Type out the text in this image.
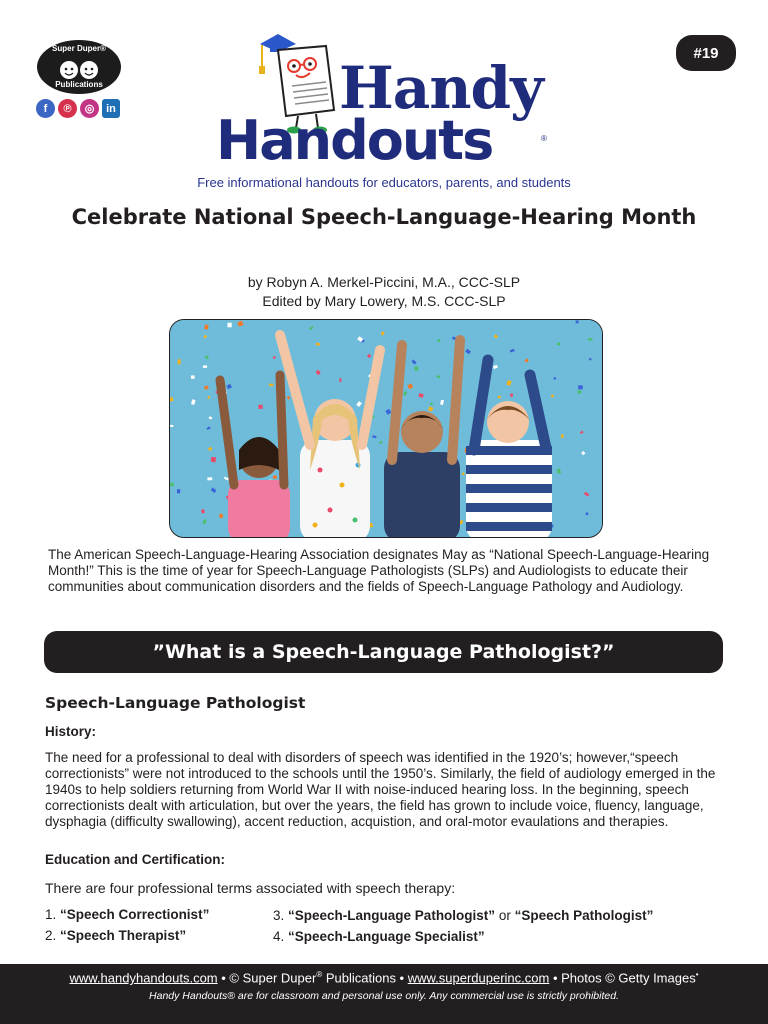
Super Duper®
Publications
f	℗	◎	in
#19
Handy
Handouts	®
Free informational handouts for educators, parents, and students
Celebrate National Speech-Language-Hearing Month
by Robyn A. Merkel-Piccini, M.A., CCC-SLP
Edited by Mary Lowery, M.S. CCC-SLP
The American Speech-Language-Hearing Association designates May as “National Speech-Language-Hearing Month!” This is the time of year for Speech-Language Pathologists (SLPs) and Audiologists to educate their communities about communication disorders and the fields of Speech-Language Pathology and Audiology.
”What is a Speech-Language Pathologist?”
Speech-Language Pathologist
History:
The need for a professional to deal with disorders of speech was identified in the 1920’s; however,“speech correctionists” were not introduced to the schools until the 1950’s. Similarly, the field of audiology emerged in the 1940s to help soldiers returning from World War II with noise-induced hearing loss. In the beginning, speech correctionists dealt with articulation, but over the years, the field has grown to include voice, fluency, language, dysphagia (difficulty swallowing), accent reduction, acquistion, and oral-motor evaulations and therapies.
Education and Certification:
There are four professional terms associated with speech therapy:
1. “Speech Correctionist”
2. “Speech Therapist”
3. “Speech-Language Pathologist” or “Speech Pathologist”
4. “Speech-Language Specialist”
www.handyhandouts.com • © Super Duper® Publications • www.superduperinc.com • Photos © Getty Images•
Handy Handouts® are for classroom and personal use only. Any commercial use is strictly prohibited.
